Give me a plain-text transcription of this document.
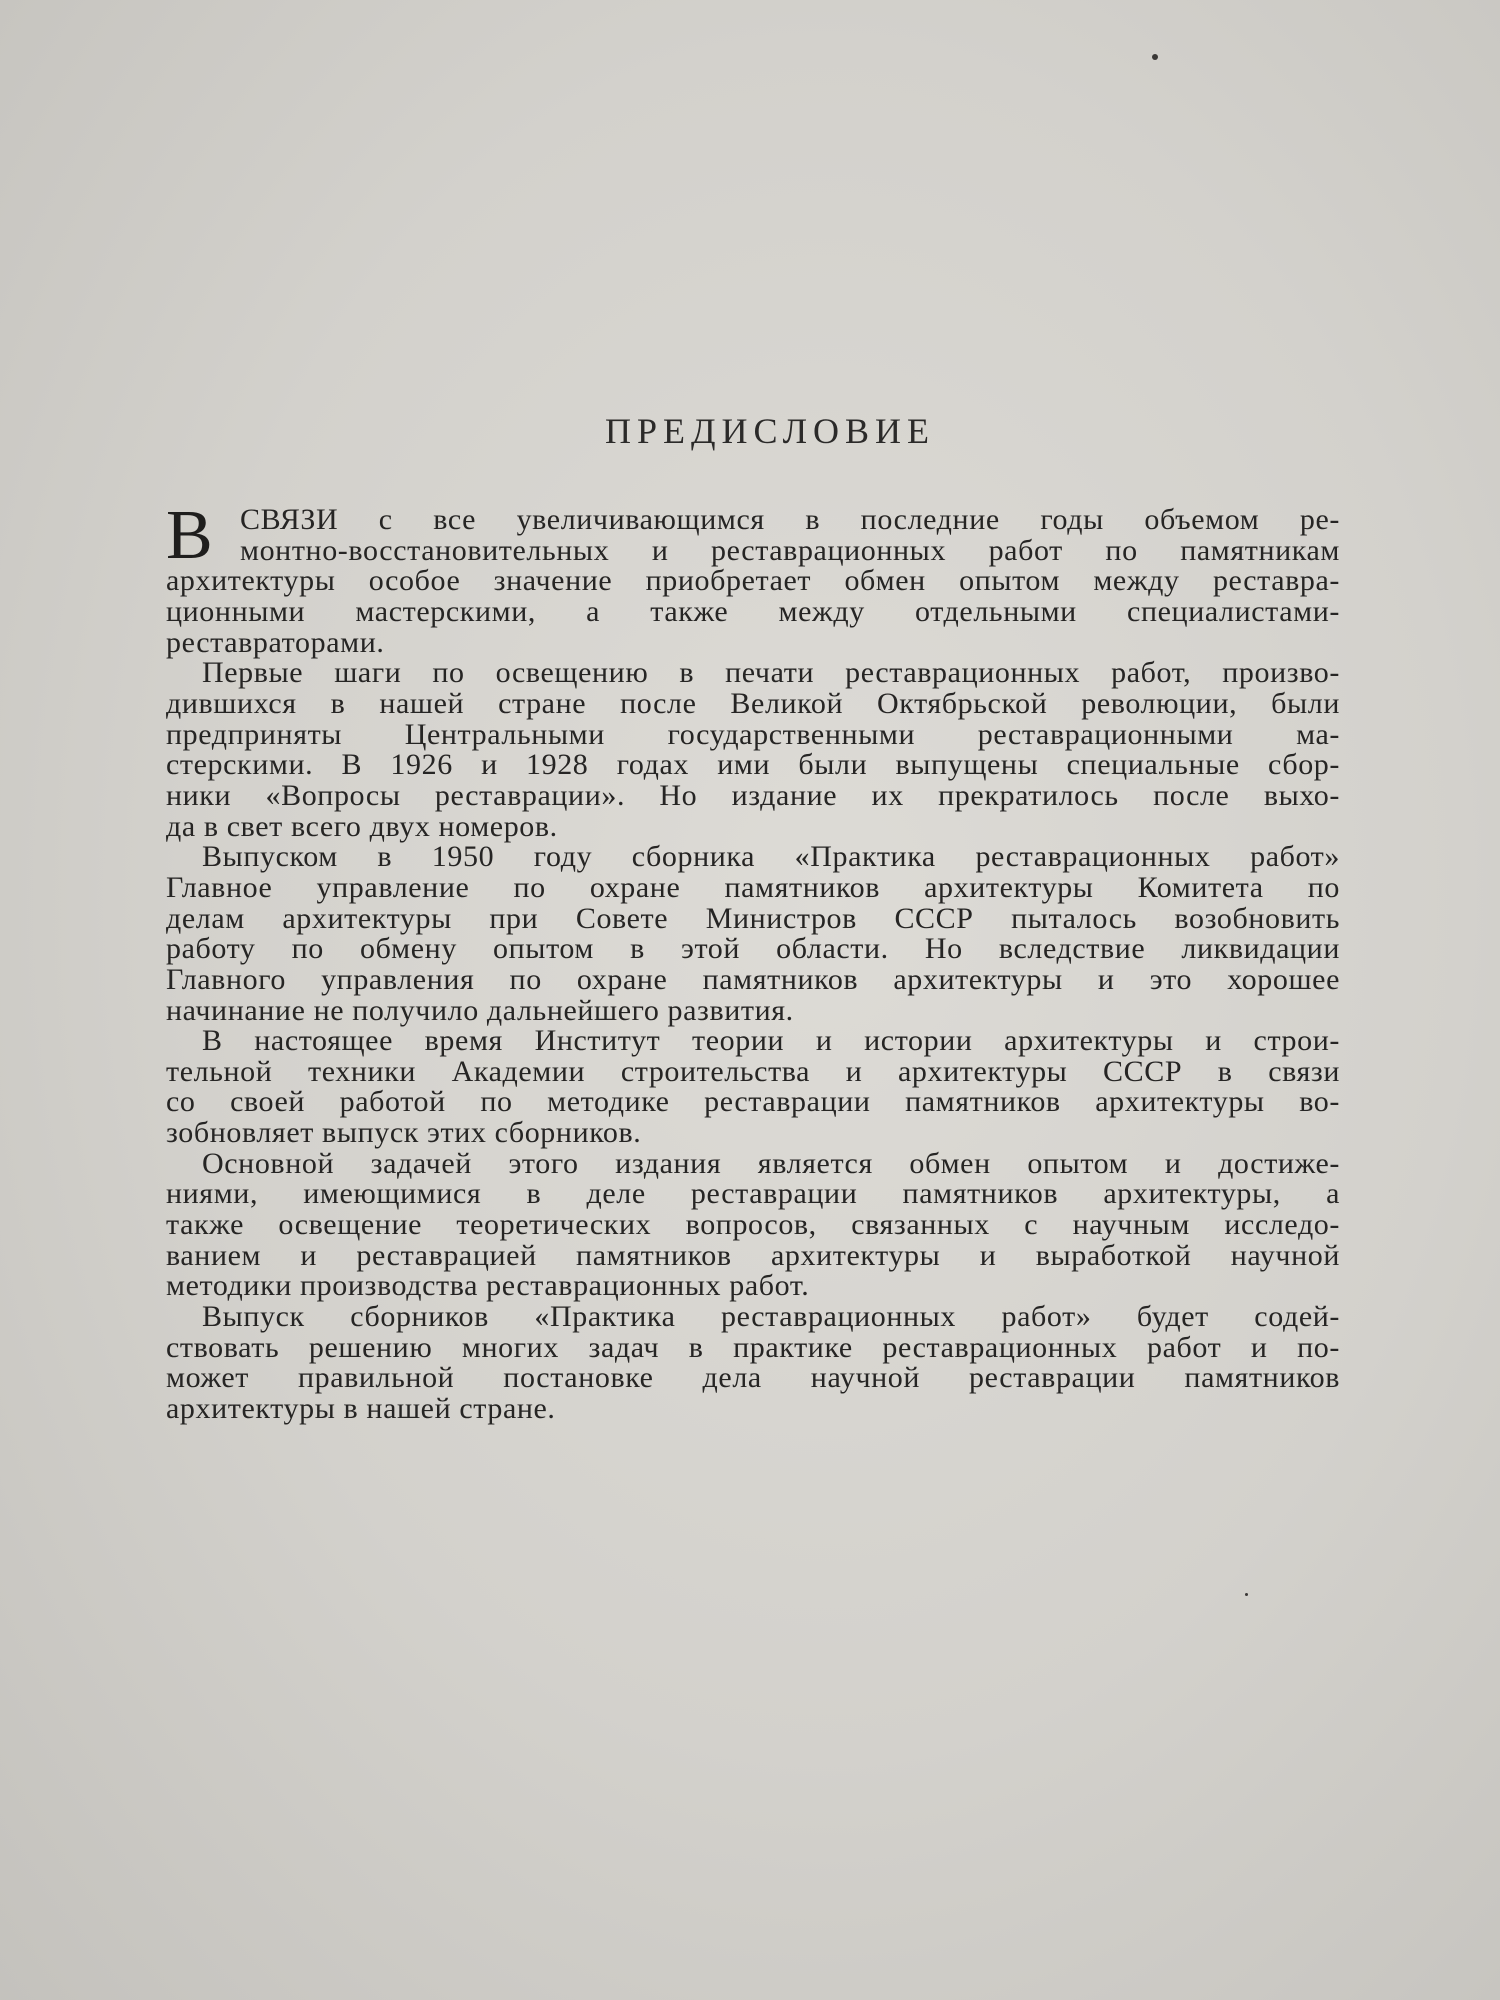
ПРЕДИСЛОВИЕ
В СВЯЗИ с все увеличивающимся в последние годы объемом ре-
монтно-восстановительных и реставрационных работ по памятникам
архитектуры особое значение приобретает обмен опытом между реставра-
ционными мастерскими, а также между отдельными специалистами-
реставраторами.
Первые шаги по освещению в печати реставрационных работ, произво-
дившихся в нашей стране после Великой Октябрьской революции, были
предприняты Центральными государственными реставрационными ма-
стерскими. В 1926 и 1928 годах ими были выпущены специальные сбор-
ники «Вопросы реставрации». Но издание их прекратилось после выхо-
да в свет всего двух номеров.
Выпуском в 1950 году сборника «Практика реставрационных работ»
Главное управление по охране памятников архитектуры Комитета по
делам архитектуры при Совете Министров СССР пыталось возобновить
работу по обмену опытом в этой области. Но вследствие ликвидации
Главного управления по охране памятников архитектуры и это хорошее
начинание не получило дальнейшего развития.
В настоящее время Институт теории и истории архитектуры и строи-
тельной техники Академии строительства и архитектуры СССР в связи
со своей работой по методике реставрации памятников архитектуры во-
зобновляет выпуск этих сборников.
Основной задачей этого издания является обмен опытом и достиже-
ниями, имеющимися в деле реставрации памятников архитектуры, а
также освещение теоретических вопросов, связанных с научным исследо-
ванием и реставрацией памятников архитектуры и выработкой научной
методики производства реставрационных работ.
Выпуск сборников «Практика реставрационных работ» будет содей-
ствовать решению многих задач в практике реставрационных работ и по-
может правильной постановке дела научной реставрации памятников
архитектуры в нашей стране.
